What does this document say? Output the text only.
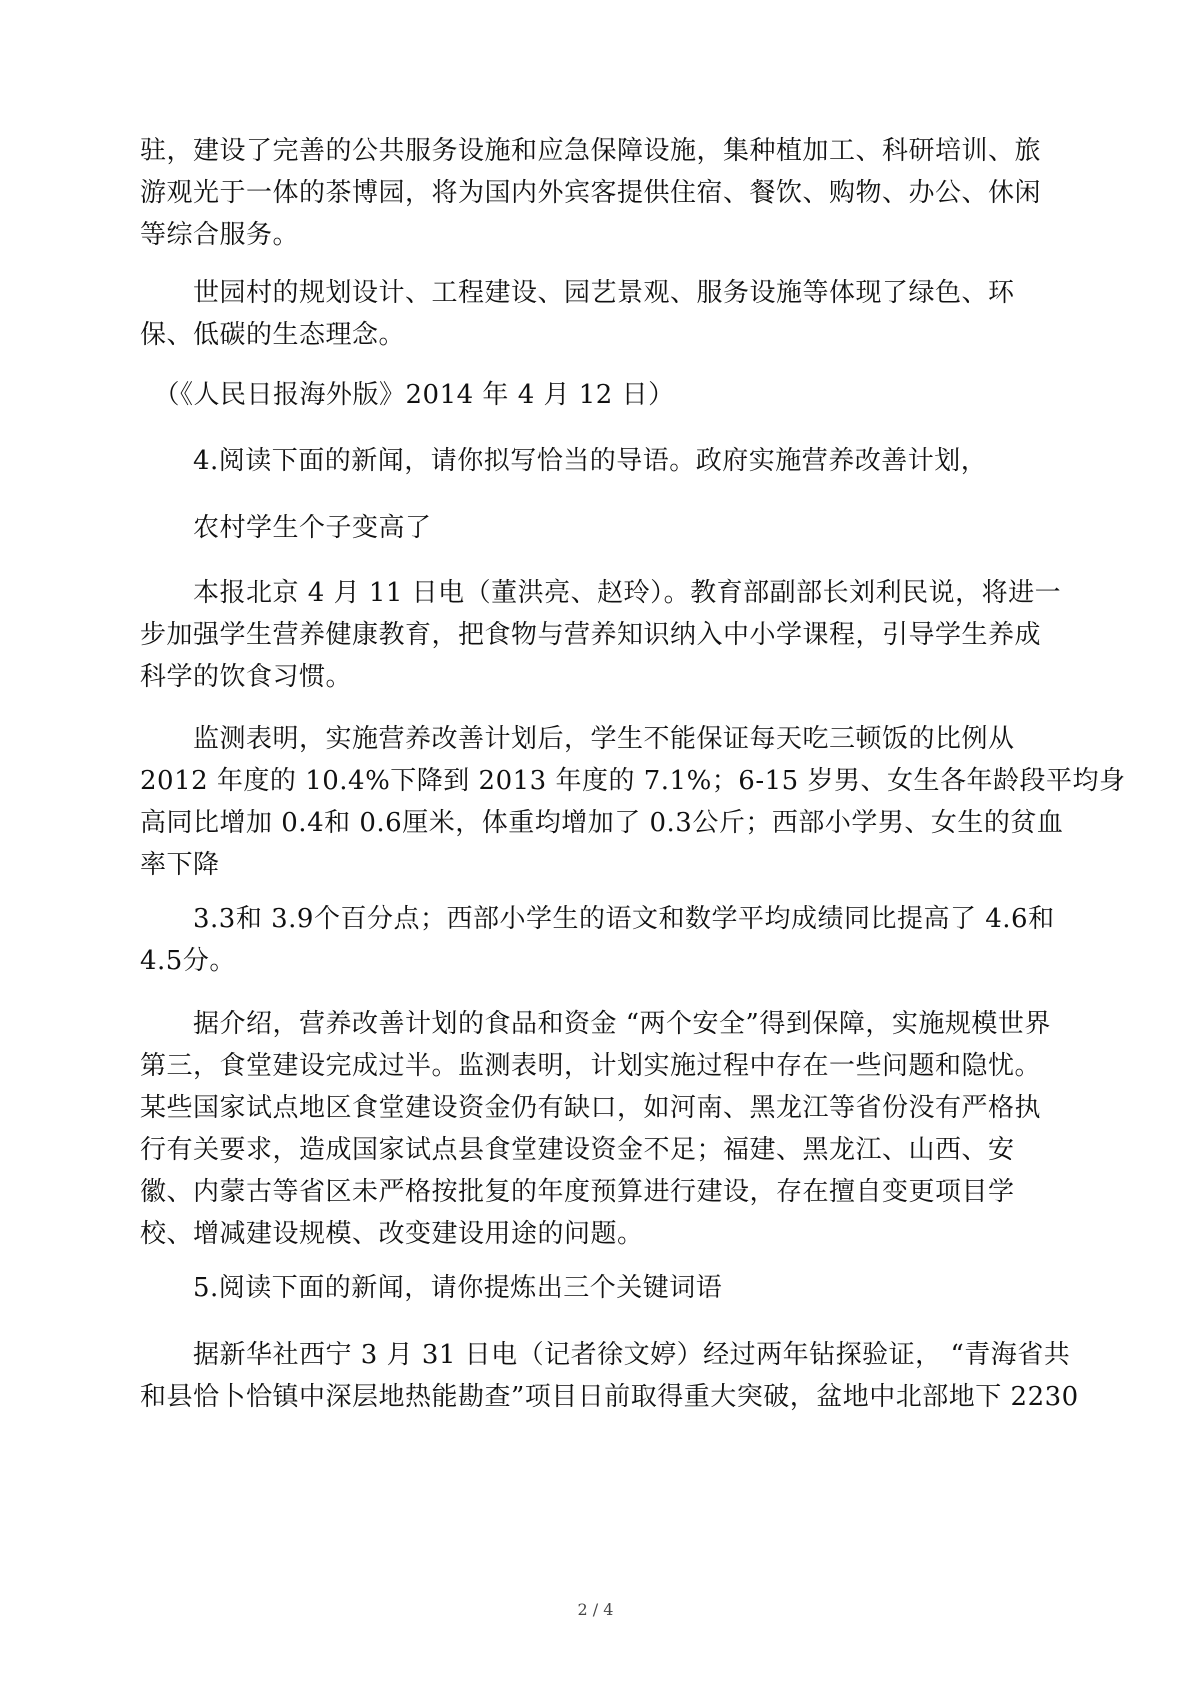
驻，建设了完善的公共服务设施和应急保障设施，集种植加工、科研培训、旅
游观光于一体的茶博园，将为国内外宾客提供住宿、餐饮、购物、办公、休闲
等综合服务。
　　世园村的规划设计、工程建设、园艺景观、服务设施等体现了绿色、环
保、低碳的生态理念。
　（《人民日报海外版》2014 年 4 月 12 日）
　　4.阅读下面的新闻，请你拟写恰当的导语。政府实施营养改善计划，
　　农村学生个子变高了
　　本报北京 4 月 11 日电（董洪亮、赵玲）。教育部副部长刘利民说，将进一
步加强学生营养健康教育，把食物与营养知识纳入中小学课程，引导学生养成
科学的饮食习惯。
　　监测表明，实施营养改善计划后，学生不能保证每天吃三顿饭的比例从
2012 年度的 10.4%下降到 2013 年度的 7.1%；6-15 岁男、女生各年龄段平均身
高同比增加 0.4和 0.6厘米，体重均增加了 0.3公斤；西部小学男、女生的贫血
率下降
　　3.3和 3.9个百分点；西部小学生的语文和数学平均成绩同比提高了 4.6和
4.5分。
　　据介绍，营养改善计划的食品和资金 “两个安全”得到保障，实施规模世界
第三，食堂建设完成过半。监测表明，计划实施过程中存在一些问题和隐忧。
某些国家试点地区食堂建设资金仍有缺口，如河南、黑龙江等省份没有严格执
行有关要求，造成国家试点县食堂建设资金不足；福建、黑龙江、山西、安
徽、内蒙古等省区未严格按批复的年度预算进行建设，存在擅自变更项目学
校、增减建设规模、改变建设用途的问题。
　　5.阅读下面的新闻，请你提炼出三个关键词语
　　据新华社西宁 3 月 31 日电（记者徐文婷）经过两年钻探验证， “青海省共
和县恰卜恰镇中深层地热能勘查”项目日前取得重大突破，盆地中北部地下 2230
2 / 4
